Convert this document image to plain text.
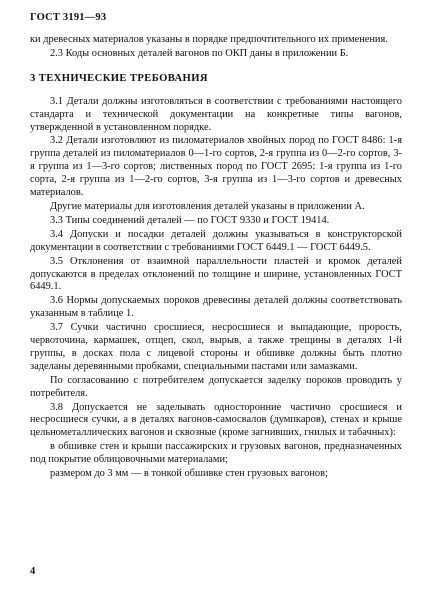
ГОСТ 3191—93

ки древесных материалов указаны в порядке предпочтительного их применения.

2.3 Коды основных деталей вагонов по ОКП даны в приложении Б.

3 ТЕХНИЧЕСКИЕ ТРЕБОВАНИЯ

3.1 Детали должны изготовляться в соответствии с требованиями настоящего стандарта и технической документации на конкретные типы вагонов, утвержденной в установленном порядке.

3.2 Детали изготовляют из пиломатериалов хвойных пород по ГОСТ 8486: 1-я группа деталей из пиломатериалов 0—1-го сортов, 2-я группа из 0—2-го сортов, 3-я группа из 1—3-го сортов; лиственных пород по ГОСТ 2695: 1-я группа из 1-го сорта, 2-я группа из 1—2-го сортов, 3-я группа из 1—3-го сортов и древесных материалов.

Другие материалы для изготовления деталей указаны в приложении А.

3.3 Типы соединений деталей — по ГОСТ 9330 и ГОСТ 19414.

3.4 Допуски и посадки деталей должны указываться в конструкторской документации в соответствии с требованиями ГОСТ 6449.1 — ГОСТ 6449.5.

3.5 Отклонения от взаимной параллельности пластей и кромок деталей допускаются в пределах отклонений по толщине и ширине, установленных ГОСТ 6449.1.

3.6 Нормы допускаемых пороков древесины деталей должны соответствовать указанным в таблице 1.

3.7 Сучки частично сросшиеся, несросшиеся и выпадающие, прорость, червоточина, кармашек, отщеп, скол, вырыв, а также трещины в деталях 1-й группы, в досках пола с лицевой стороны и обшивке должны быть плотно заделаны деревянными пробками, специальными пастами или замазками.

По согласованию с потребителем допускается заделку пороков проводить у потребителя.

3.8 Допускается не заделывать односторонние частично сросшиеся и несросшиеся сучки, а в деталях вагонов-самосвалов (думпкаров), стенах и крыше цельнометаллических вагонов и сквозные (кроме загнивших, гнилых и табачных):

в обшивке стен и крыши пассажирских и грузовых вагонов, предназначенных под покрытие облицовочными материалами;

размером до 3 мм — в тонкой обшивке стен грузовых вагонов;

4
